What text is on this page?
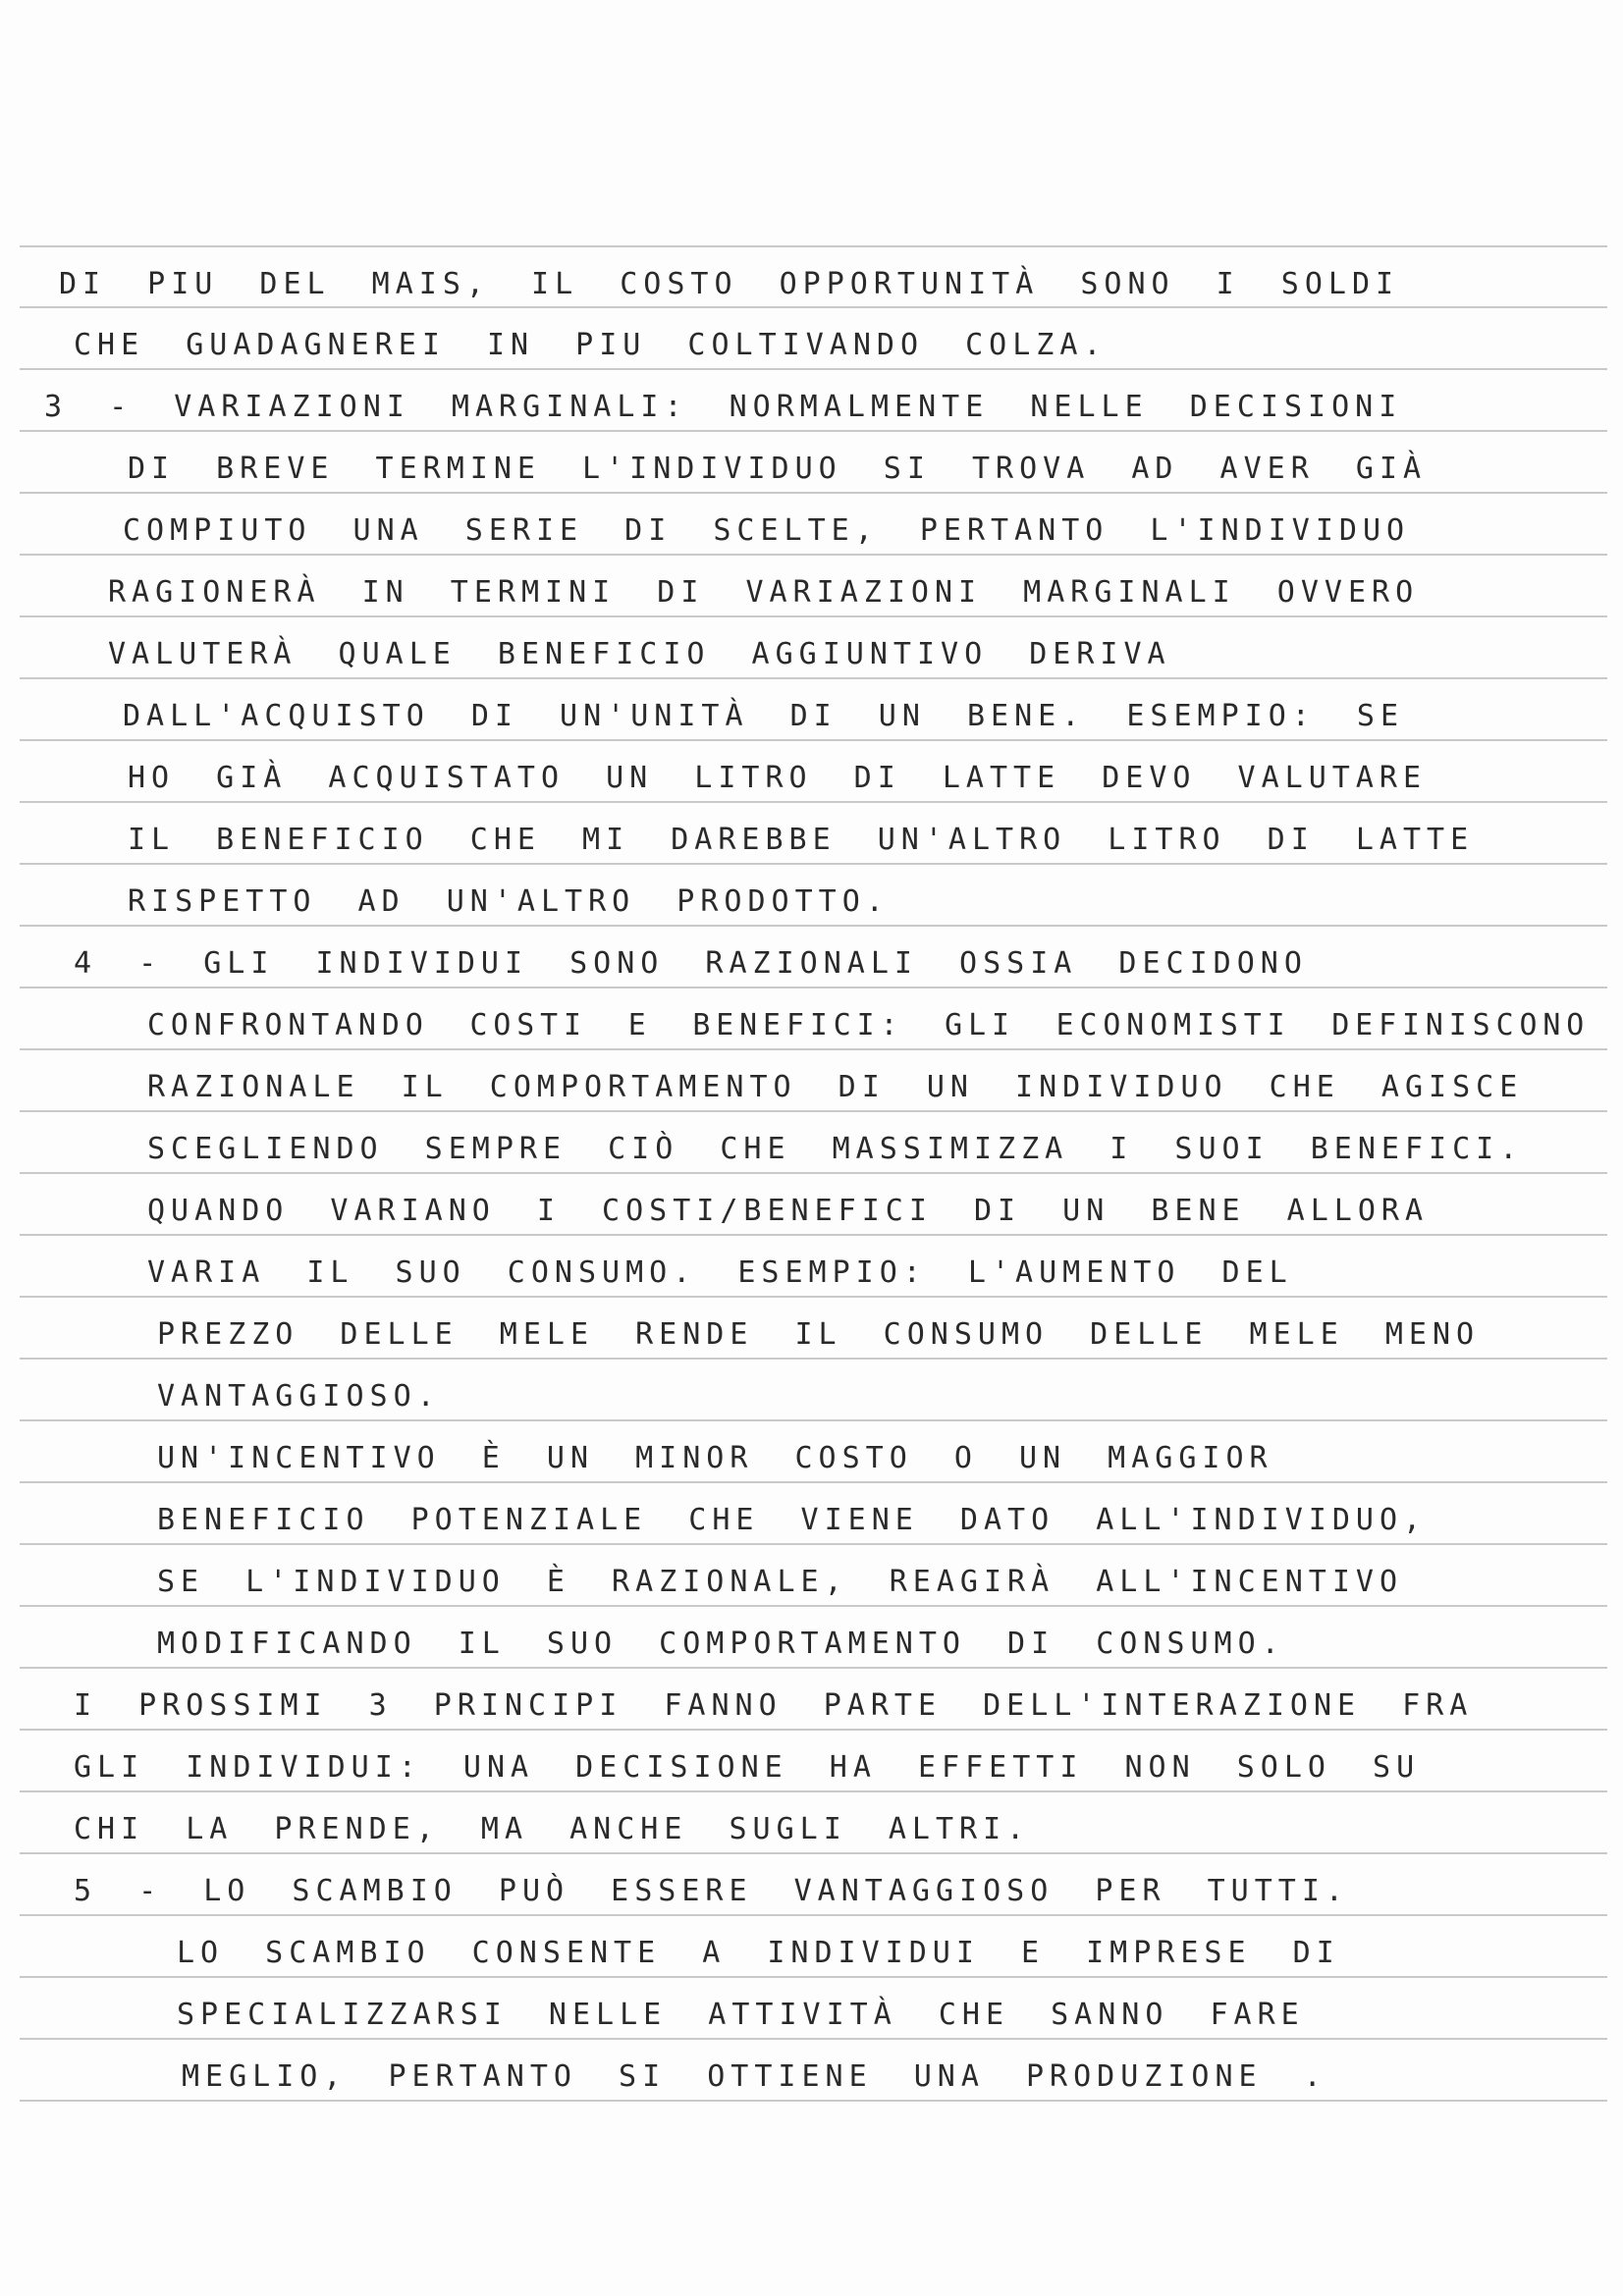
DI PIU DEL MAIS, IL COSTO OPPORTUNITÀ SONO I SOLDI
CHE GUADAGNEREI IN PIU COLTIVANDO COLZA.
3 - VARIAZIONI MARGINALI: NORMALMENTE NELLE DECISIONI
DI BREVE TERMINE L'INDIVIDUO SI TROVA AD AVER GIÀ
COMPIUTO UNA SERIE DI SCELTE, PERTANTO L'INDIVIDUO
RAGIONERÀ IN TERMINI DI VARIAZIONI MARGINALI OVVERO
VALUTERÀ QUALE BENEFICIO AGGIUNTIVO DERIVA
DALL'ACQUISTO DI UN'UNITÀ DI UN BENE. ESEMPIO: SE
HO GIÀ ACQUISTATO UN LITRO DI LATTE DEVO VALUTARE
IL BENEFICIO CHE MI DAREBBE UN'ALTRO LITRO DI LATTE
RISPETTO AD UN'ALTRO PRODOTTO.
4 - GLI INDIVIDUI SONO RAZIONALI OSSIA DECIDONO
CONFRONTANDO COSTI E BENEFICI: GLI ECONOMISTI DEFINISCONO
RAZIONALE IL COMPORTAMENTO DI UN INDIVIDUO CHE AGISCE
SCEGLIENDO SEMPRE CIÒ CHE MASSIMIZZA I SUOI BENEFICI.
QUANDO VARIANO I COSTI/BENEFICI DI UN BENE ALLORA
VARIA IL SUO CONSUMO. ESEMPIO: L'AUMENTO DEL
PREZZO DELLE MELE RENDE IL CONSUMO DELLE MELE MENO
VANTAGGIOSO.
UN'INCENTIVO È UN MINOR COSTO O UN MAGGIOR
BENEFICIO POTENZIALE CHE VIENE DATO ALL'INDIVIDUO,
SE L'INDIVIDUO È RAZIONALE, REAGIRÀ ALL'INCENTIVO
MODIFICANDO IL SUO COMPORTAMENTO DI CONSUMO.
I PROSSIMI 3 PRINCIPI FANNO PARTE DELL'INTERAZIONE FRA
GLI INDIVIDUI: UNA DECISIONE HA EFFETTI NON SOLO SU
CHI LA PRENDE, MA ANCHE SUGLI ALTRI.
5 - LO SCAMBIO PUÒ ESSERE VANTAGGIOSO PER TUTTI.
LO SCAMBIO CONSENTE A INDIVIDUI E IMPRESE DI
SPECIALIZZARSI NELLE ATTIVITÀ CHE SANNO FARE
MEGLIO, PERTANTO SI OTTIENE UNA PRODUZIONE .
